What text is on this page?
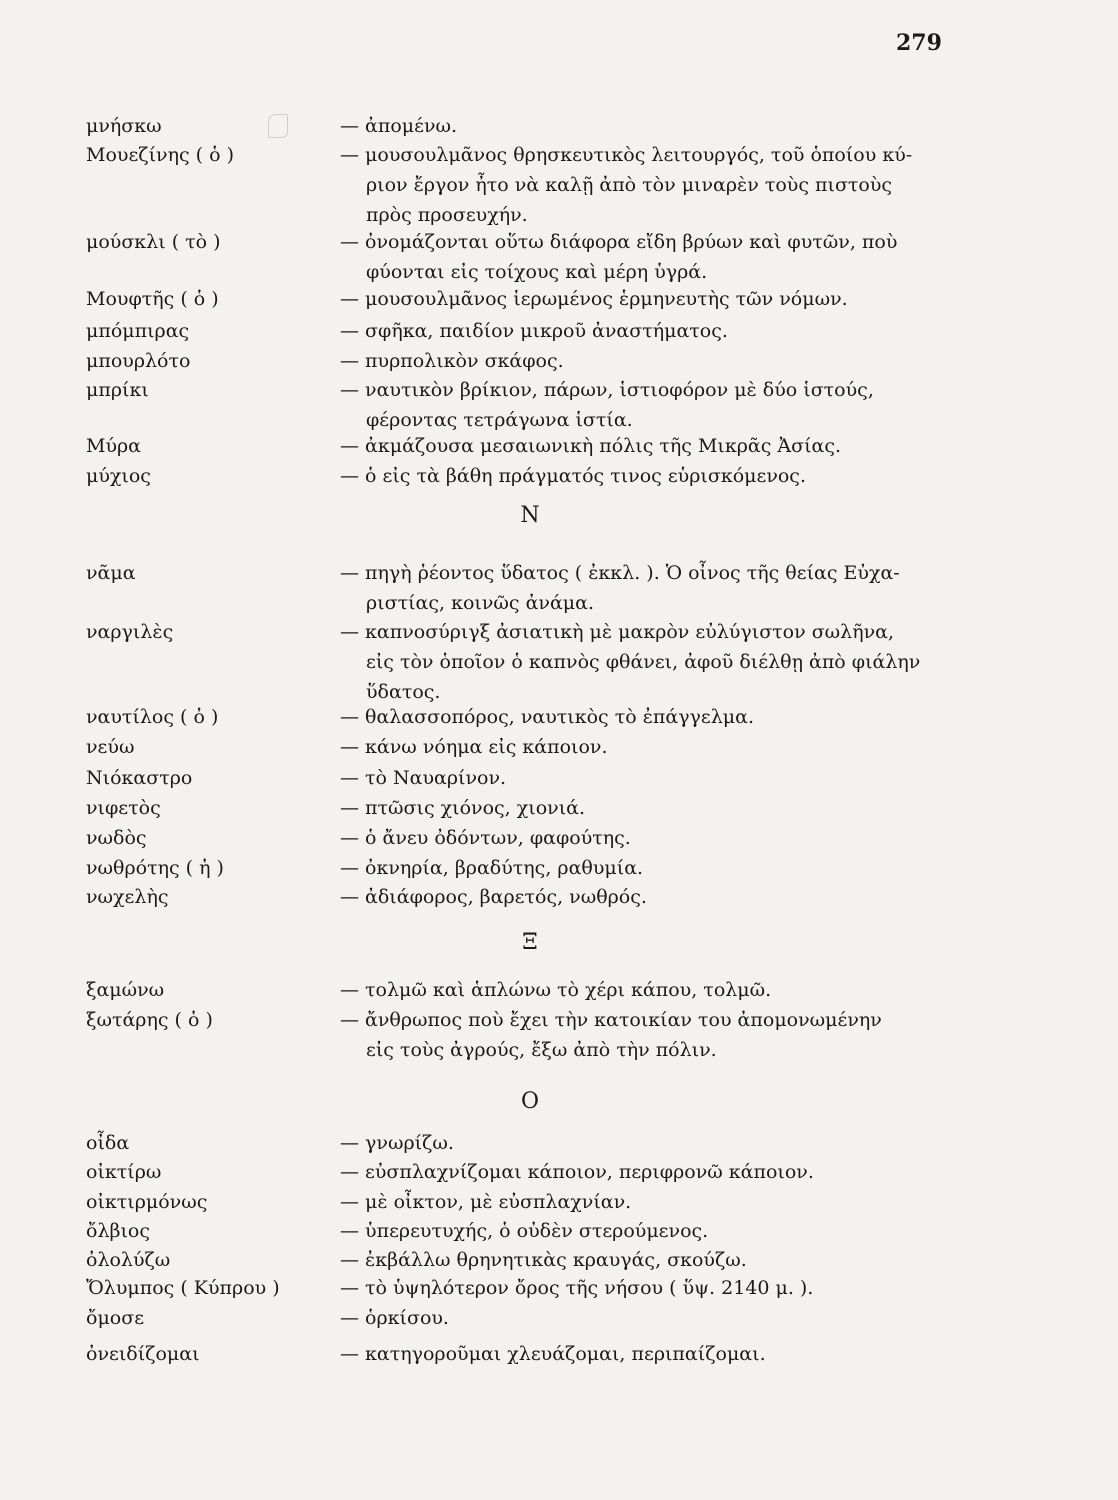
279
Ν
Ξ
Ο
μνήσκω	— ἀπομένω.
Μουεζίνης ( ὁ )	— μουσουλμᾶνος θρησκευτικὸς λειτουργός, τοῦ ὁποίου κύ-
ριον ἔργον ἦτο νὰ καλῇ ἀπὸ τὸν μιναρὲν τοὺς πιστοὺς
πρὸς προσευχήν.
μούσκλι ( τὸ )	— ὀνομάζονται οὕτω διάφορα εἴδη βρύων καὶ φυτῶν, ποὺ
φύονται εἰς τοίχους καὶ μέρη ὑγρά.
Μουφτῆς ( ὁ )	— μουσουλμᾶνος ἱερωμένος ἑρμηνευτὴς τῶν νόμων.
μπόμπιρας	— σφῆκα, παιδίον μικροῦ ἀναστήματος.
μπουρλότο	— πυρπολικὸν σκάφος.
μπρίκι	— ναυτικὸν βρίκιον, πάρων, ἱστιοφόρον μὲ δύο ἱστούς,
φέροντας τετράγωνα ἱστία.
Μύρα	— ἀκμάζουσα μεσαιωνικὴ πόλις τῆς Μικρᾶς Ἀσίας.
μύχιος	— ὁ εἰς τὰ βάθη πράγματός τινος εὑρισκόμενος.
νᾶμα	— πηγὴ ῥέοντος ὕδατος ( ἐκκλ. ). Ὁ οἶνος τῆς θείας Εὐχα-
ριστίας, κοινῶς ἀνάμα.
ναργιλὲς	— καπνοσύριγξ ἀσιατικὴ μὲ μακρὸν εὐλύγιστον σωλῆνα,
εἰς τὸν ὁποῖον ὁ καπνὸς φθάνει, ἀφοῦ διέλθῃ ἀπὸ φιάλην
ὕδατος.
ναυτίλος ( ὁ )	— θαλασσοπόρος, ναυτικὸς τὸ ἐπάγγελμα.
νεύω	— κάνω νόημα εἰς κάποιον.
Νιόκαστρο	— τὸ Ναυαρίνον.
νιφετὸς	— πτῶσις χιόνος, χιονιά.
νωδὸς	— ὁ ἄνευ ὀδόντων, φαφούτης.
νωθρότης ( ἡ )	— ὀκνηρία, βραδύτης, ραθυμία.
νωχελὴς	— ἀδιάφορος, βαρετός, νωθρός.
ξαμώνω	— τολμῶ καὶ ἁπλώνω τὸ χέρι κάπου, τολμῶ.
ξωτάρης ( ὁ )	— ἄνθρωπος ποὺ ἔχει τὴν κατοικίαν του ἀπομονωμένην
εἰς τοὺς ἀγρούς, ἔξω ἀπὸ τὴν πόλιν.
οἶδα	— γνωρίζω.
οἰκτίρω	— εὐσπλαχνίζομαι κάποιον, περιφρονῶ κάποιον.
οἰκτιρμόνως	— μὲ οἶκτον, μὲ εὐσπλαχνίαν.
ὄλβιος	— ὑπερευτυχής, ὁ οὐδὲν στερούμενος.
ὀλολύζω	— ἐκβάλλω θρηνητικὰς κραυγάς, σκούζω.
Ὄλυμπος ( Κύπρου )	— τὸ ὑψηλότερον ὄρος τῆς νήσου ( ὕψ. 2140 μ. ).
ὄμοσε	— ὁρκίσου.
ὀνειδίζομαι	— κατηγοροῦμαι χλευάζομαι, περιπαίζομαι.
